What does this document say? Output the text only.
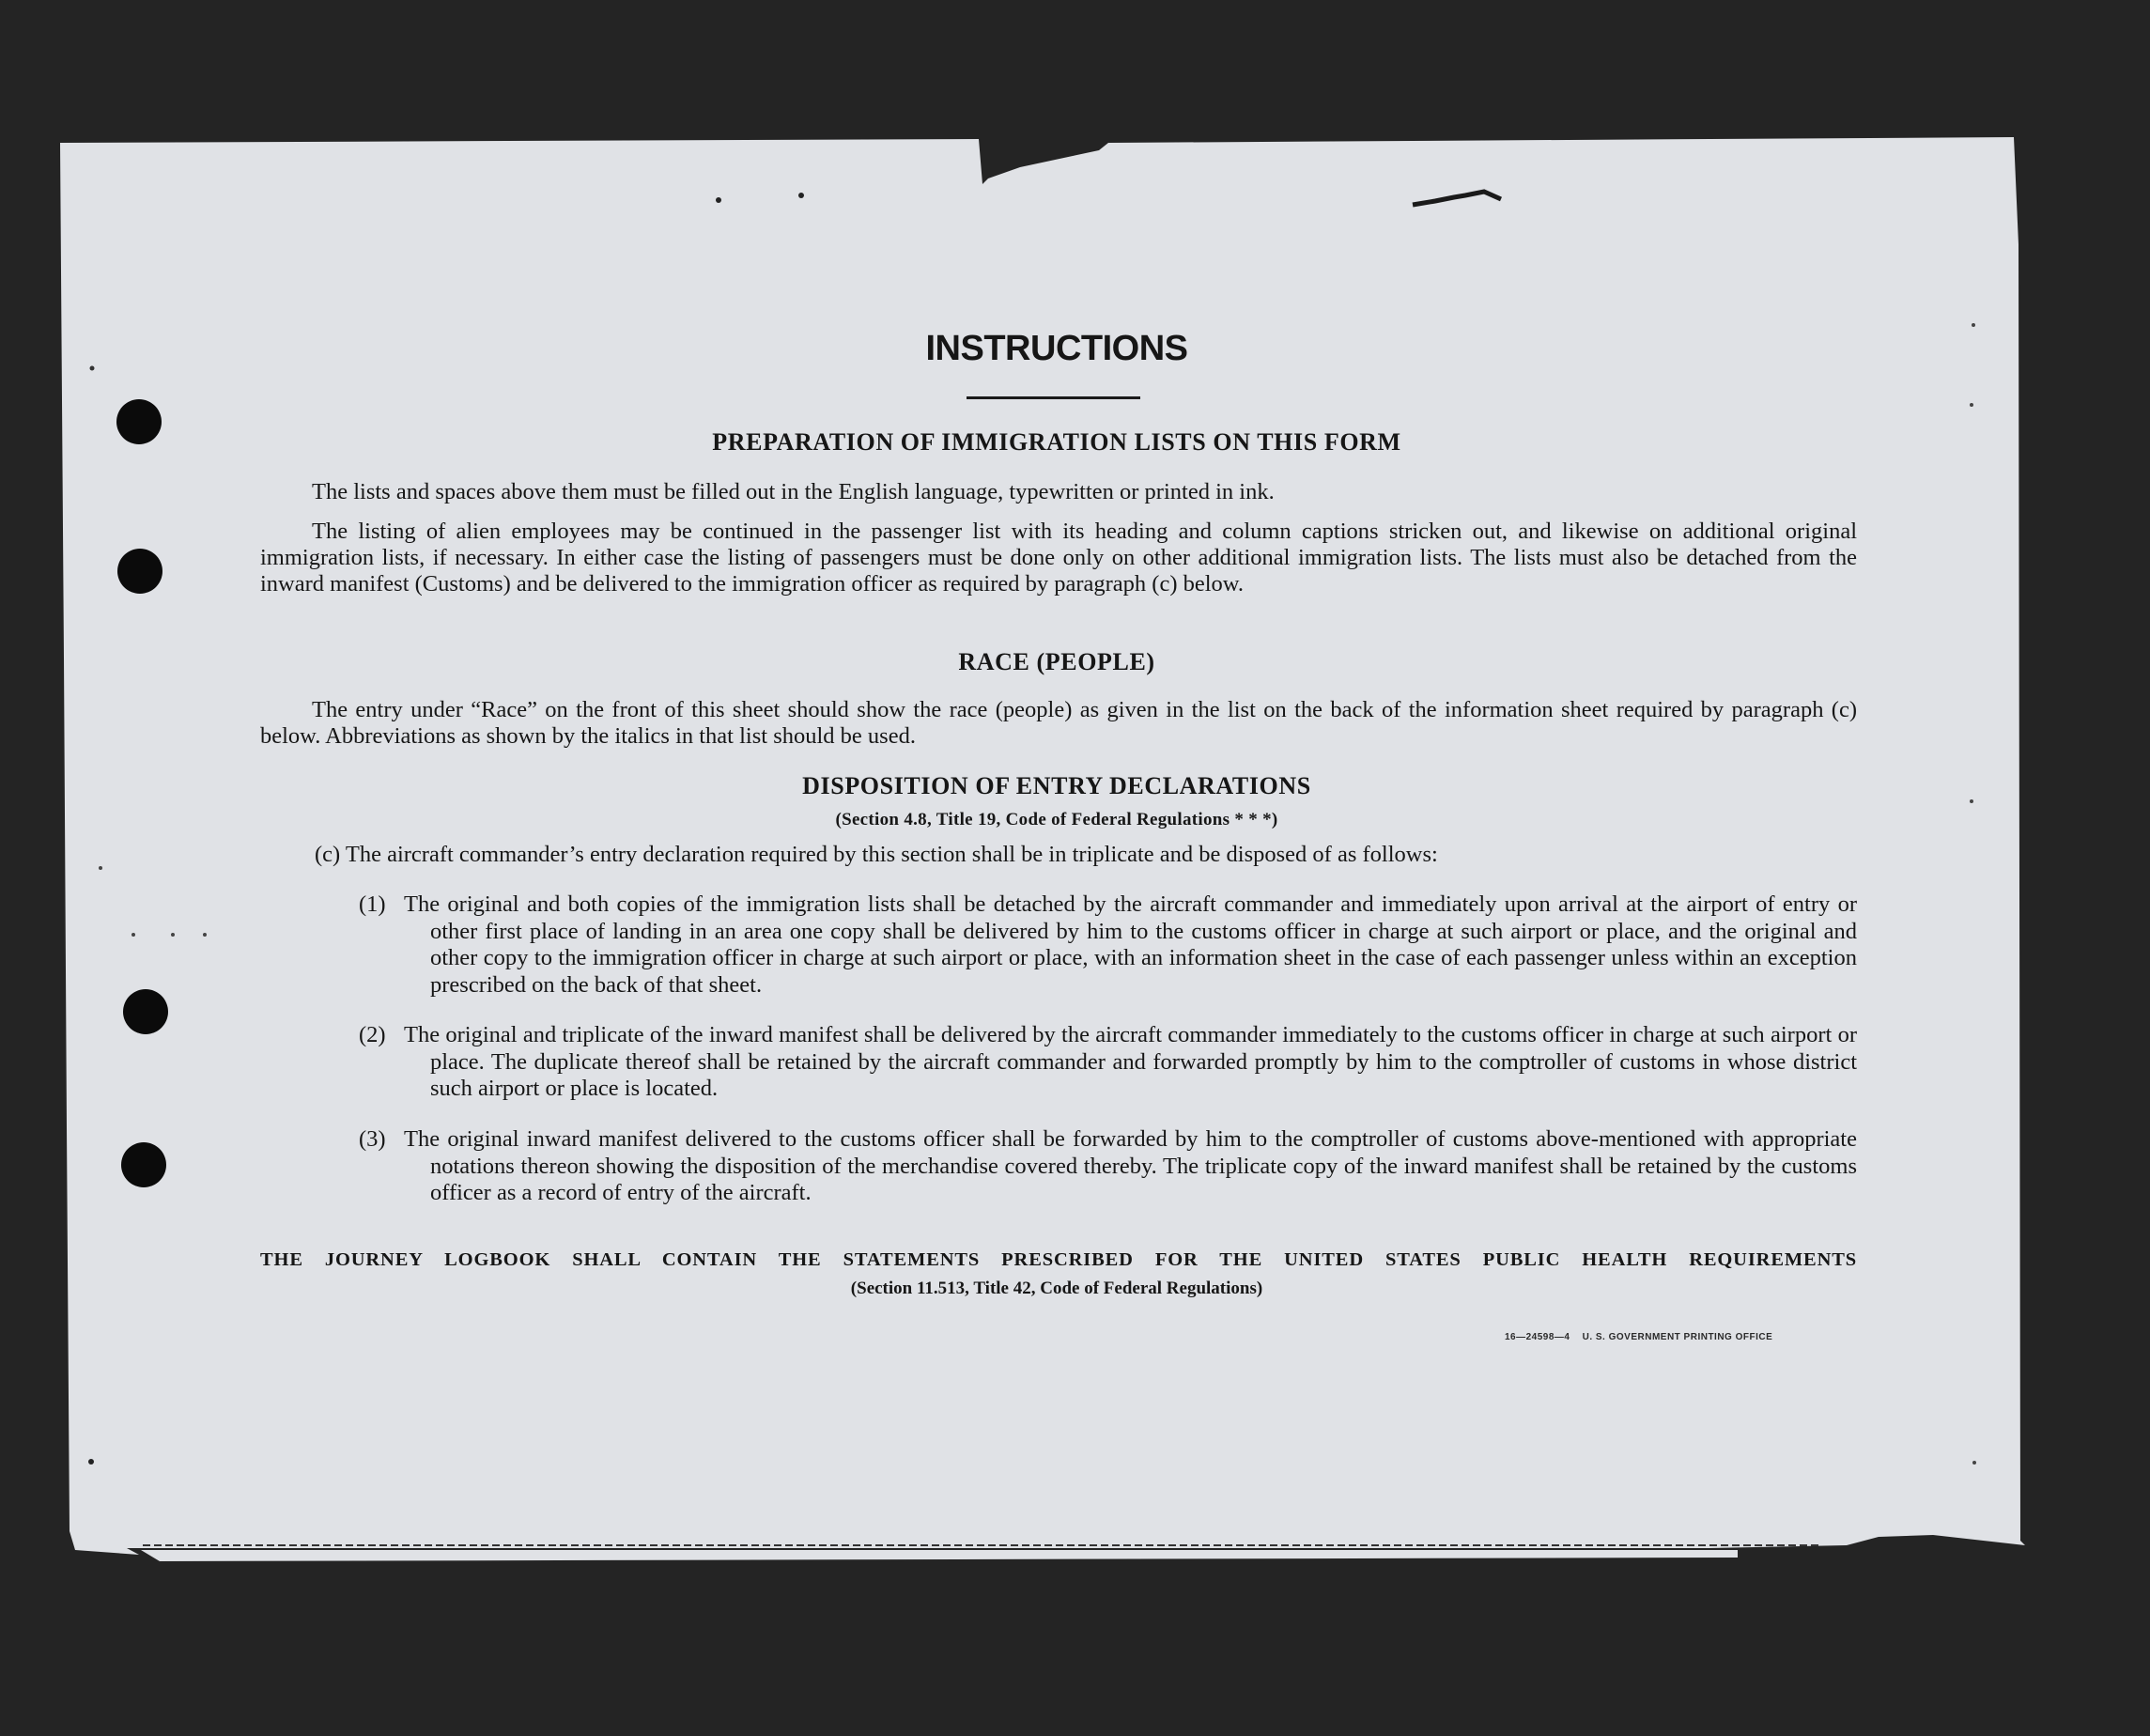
INSTRUCTIONS
PREPARATION OF IMMIGRATION LISTS ON THIS FORM

The lists and spaces above them must be filled out in the English language, typewritten or printed in ink.

The listing of alien employees may be continued in the passenger list with its heading and column captions stricken out, and likewise on additional original immigration lists, if necessary. In either case the listing of passengers must be done only on other additional immigration lists. The lists must also be detached from the inward manifest (Customs) and be delivered to the immigration officer as required by paragraph (c) below.

RACE (PEOPLE)

The entry under “Race” on the front of this sheet should show the race (people) as given in the list on the back of the information sheet required by paragraph (c) below. Abbreviations as shown by the italics in that list should be used.

DISPOSITION OF ENTRY DECLARATIONS

(Section 4.8, Title 19, Code of Federal Regulations * * *)

(c) The aircraft commander’s entry declaration required by this section shall be in triplicate and be disposed of as follows:

(1) The original and both copies of the immigration lists shall be detached by the aircraft commander and immediately upon arrival at the airport of entry or other first place of landing in an area one copy shall be delivered by him to the customs officer in charge at such airport or place, and the original and other copy to the immigration officer in charge at such airport or place, with an information sheet in the case of each passenger unless within an exception prescribed on the back of that sheet.
(2) The original and triplicate of the inward manifest shall be delivered by the aircraft commander immediately to the customs officer in charge at such airport or place. The duplicate thereof shall be retained by the aircraft commander and forwarded promptly by him to the comptroller of customs in whose district such airport or place is located.
(3) The original inward manifest delivered to the customs officer shall be forwarded by him to the comptroller of customs above-mentioned with appropriate notations thereon showing the disposition of the merchandise covered thereby. The triplicate copy of the inward manifest shall be retained by the customs officer as a record of entry of the aircraft.

THE JOURNEY LOGBOOK SHALL CONTAIN THE STATEMENTS PRESCRIBED FOR THE UNITED STATES PUBLIC HEALTH REQUIREMENTS

(Section 11.513, Title 42, Code of Federal Regulations)

16—24598—4    U. S. GOVERNMENT PRINTING OFFICE
